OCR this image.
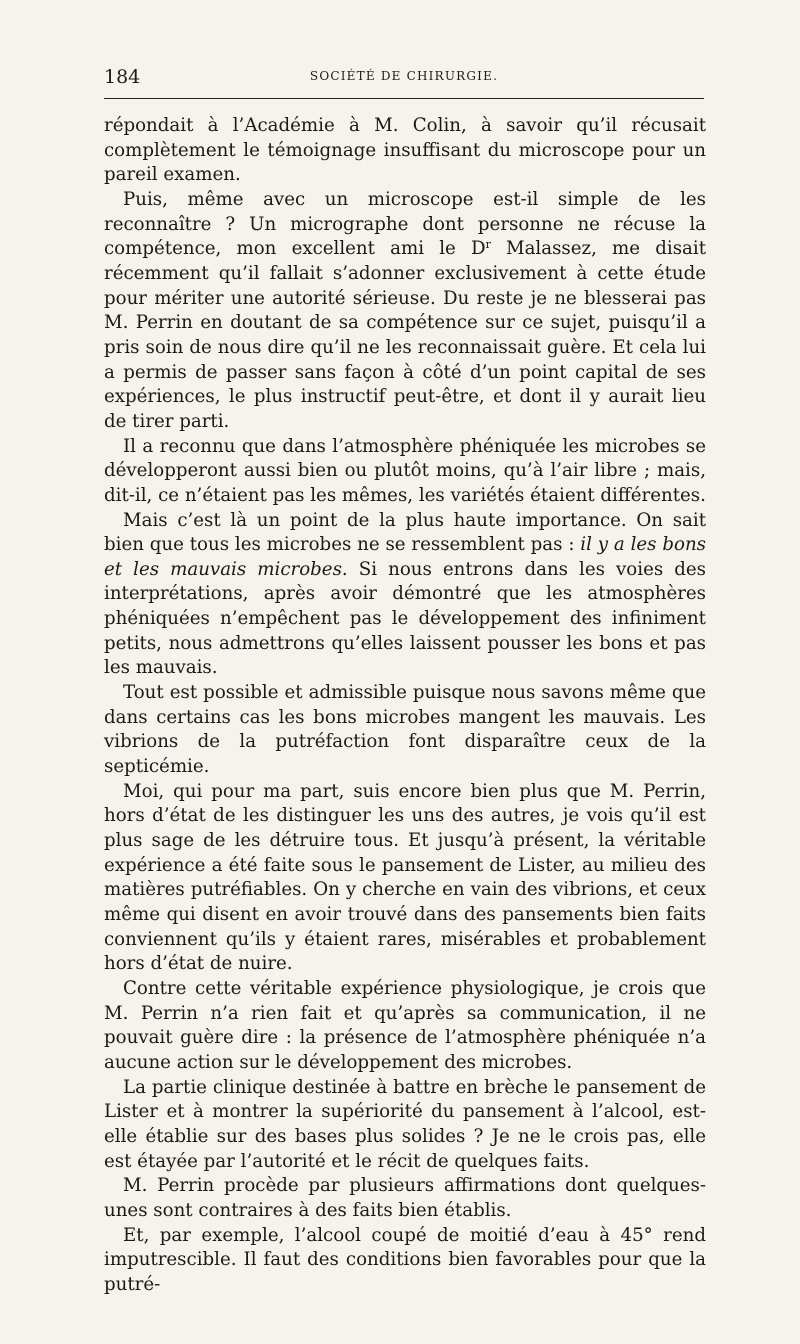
184	SOCIÉTÉ DE CHIRURGIE.

répondait à l’Académie à M. Colin, à savoir qu’il récusait complètement le témoignage insuffisant du microscope pour un pareil examen.

Puis, même avec un microscope est-il simple de les reconnaître ? Un micrographe dont personne ne récuse la compétence, mon excellent ami le $D^r$ Malassez, me disait récemment qu’il fallait s’adonner exclusivement à cette étude pour mériter une autorité sérieuse. Du reste je ne blesserai pas M. Perrin en doutant de sa compétence sur ce sujet, puisqu’il a pris soin de nous dire qu’il ne les reconnaissait guère. Et cela lui a permis de passer sans façon à côté d’un point capital de ses expériences, le plus instructif peut-être, et dont il y aurait lieu de tirer parti.

Il a reconnu que dans l’atmosphère phéniquée les microbes se développeront aussi bien ou plutôt moins, qu’à l’air libre ; mais, dit-il, ce n’étaient pas les mêmes, les variétés étaient différentes.

Mais c’est là un point de la plus haute importance. On sait bien que tous les microbes ne se ressemblent pas : il y a les bons et les mauvais microbes. Si nous entrons dans les voies des interprétations, après avoir démontré que les atmosphères phéniquées n’empêchent pas le développement des infiniment petits, nous admettrons qu’elles laissent pousser les bons et pas les mauvais.

Tout est possible et admissible puisque nous savons même que dans certains cas les bons microbes mangent les mauvais. Les vibrions de la putréfaction font disparaître ceux de la septicémie.

Moi, qui pour ma part, suis encore bien plus que M. Perrin, hors d’état de les distinguer les uns des autres, je vois qu’il est plus sage de les détruire tous. Et jusqu’à présent, la véritable expérience a été faite sous le pansement de Lister, au milieu des matières putréfiables. On y cherche en vain des vibrions, et ceux même qui disent en avoir trouvé dans des pansements bien faits conviennent qu’ils y étaient rares, misérables et probablement hors d’état de nuire.

Contre cette véritable expérience physiologique, je crois que M. Perrin n’a rien fait et qu’après sa communication, il ne pouvait guère dire : la présence de l’atmosphère phéniquée n’a aucune action sur le développement des microbes.

La partie clinique destinée à battre en brèche le pansement de Lister et à montrer la supériorité du pansement à l’alcool, est-elle établie sur des bases plus solides ? Je ne le crois pas, elle est étayée par l’autorité et le récit de quelques faits.

M. Perrin procède par plusieurs affirmations dont quelques-unes sont contraires à des faits bien établis.

Et, par exemple, l’alcool coupé de moitié d’eau à 45° rend imputrescible. Il faut des conditions bien favorables pour que la putré-
